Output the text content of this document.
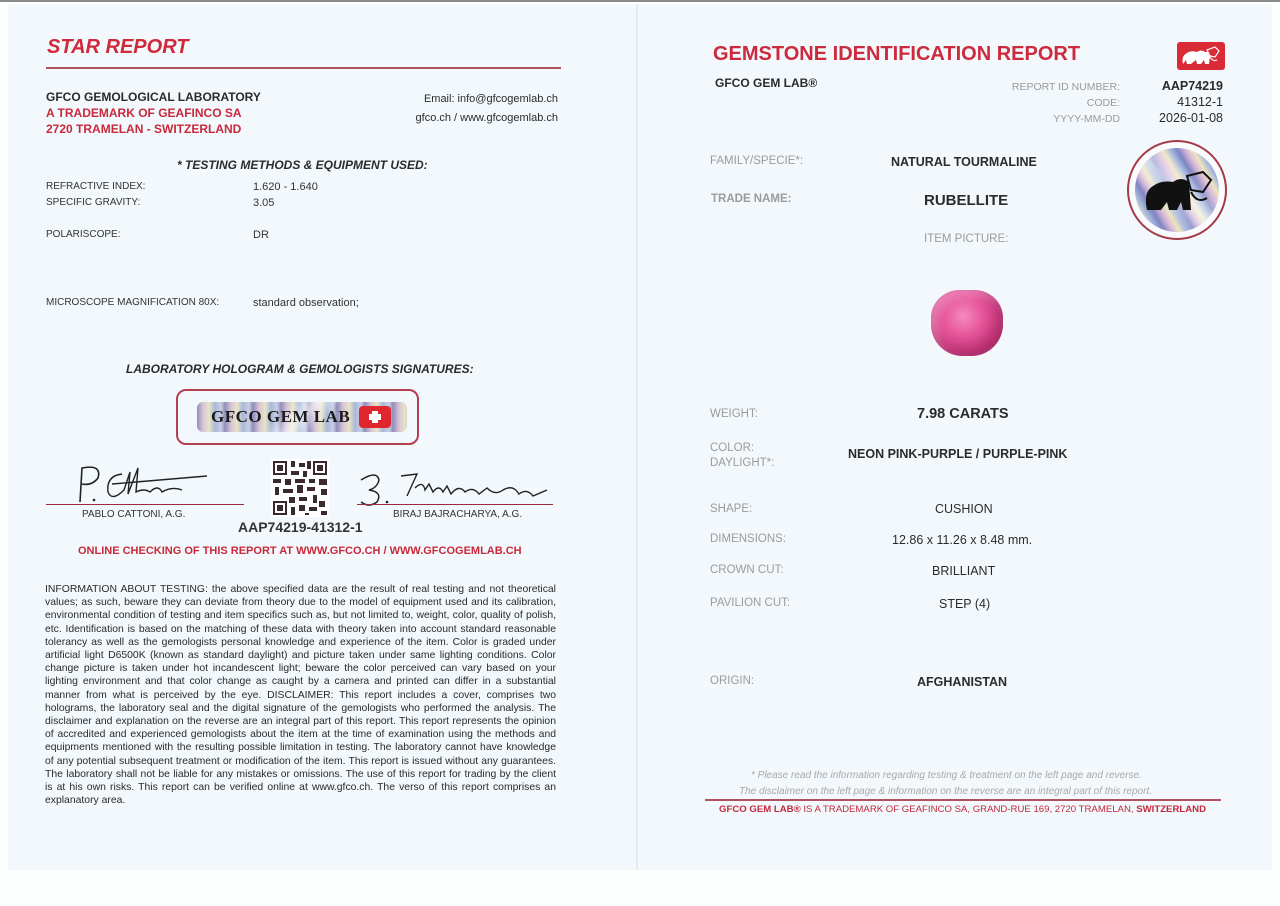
STAR REPORT
GFCO GEMOLOGICAL LABORATORY
A TRADEMARK OF GEAFINCO SA
2720 TRAMELAN - SWITZERLAND
Email: info@gfcogemlab.ch
gfco.ch / www.gfcogemlab.ch
* TESTING METHODS & EQUIPMENT USED:
REFRACTIVE INDEX:	1.620 - 1.640
SPECIFIC GRAVITY:	3.05
POLARISCOPE:	DR
MICROSCOPE MAGNIFICATION 80X:	standard observation;
LABORATORY HOLOGRAM & GEMOLOGISTS SIGNATURES:
GFCO GEM LAB
PABLO CATTONI, A.G.
AAP74219-41312-1
BIRAJ BAJRACHARYA, A.G.
ONLINE CHECKING OF THIS REPORT AT WWW.GFCO.CH / WWW.GFCOGEMLAB.CH
INFORMATION ABOUT TESTING: the above specified data are the result of real testing and not theoretical values; as such, beware they can deviate from theory due to the model of equipment used and its calibration, environmental condition of testing and item specifics such as, but not limited to, weight, color, quality of polish, etc. Identification is based on the matching of these data with theory taken into account standard reasonable tolerancy as well as the gemologists personal knowledge and experience of the item. Color is graded under artificial light D6500K (known as standard daylight) and picture taken under same lighting conditions. Color change picture is taken under hot incandescent light; beware the color perceived can vary based on your lighting environment and that color change as caught by a camera and printed can differ in a substantial manner from what is perceived by the eye. DISCLAIMER: This report includes a cover, comprises two holograms, the laboratory seal and the digital signature of the gemologists who performed the analysis. The disclaimer and explanation on the reverse are an integral part of this report. This report represents the opinion of accredited and experienced gemologists about the item at the time of examination using the methods and equipments mentioned with the resulting possible limitation in testing. The laboratory cannot have knowledge of any potential subsequent treatment or modification of the item. This report is issued without any guarantees. The laboratory shall not be liable for any mistakes or omissions. The use of this report for trading by the client is at his own risks. This report can be verified online at www.gfco.ch. The verso of this report comprises an explanatory area.
GEMSTONE IDENTIFICATION REPORT
GFCO GEM LAB®	REPORT ID NUMBER:	AAP74219
CODE:	41312-1
YYYY-MM-DD	2026-01-08
FAMILY/SPECIE*:	NATURAL TOURMALINE
TRADE NAME:	RUBELLITE
ITEM PICTURE:
WEIGHT:	7.98 CARATS
COLOR:
DAYLIGHT*:
NEON PINK-PURPLE / PURPLE-PINK
SHAPE:	CUSHION
DIMENSIONS:	12.86 x 11.26 x 8.48 mm.
CROWN CUT:	BRILLIANT
PAVILION CUT:	STEP (4)
ORIGIN:	AFGHANISTAN
* Please read the information regarding testing & treatment on the left page and reverse.
The disclaimer on the left page & information on the reverse are an integral part of this report.
GFCO GEM LAB® IS A TRADEMARK OF GEAFINCO SA, GRAND-RUE 169, 2720 TRAMELAN, SWITZERLAND
